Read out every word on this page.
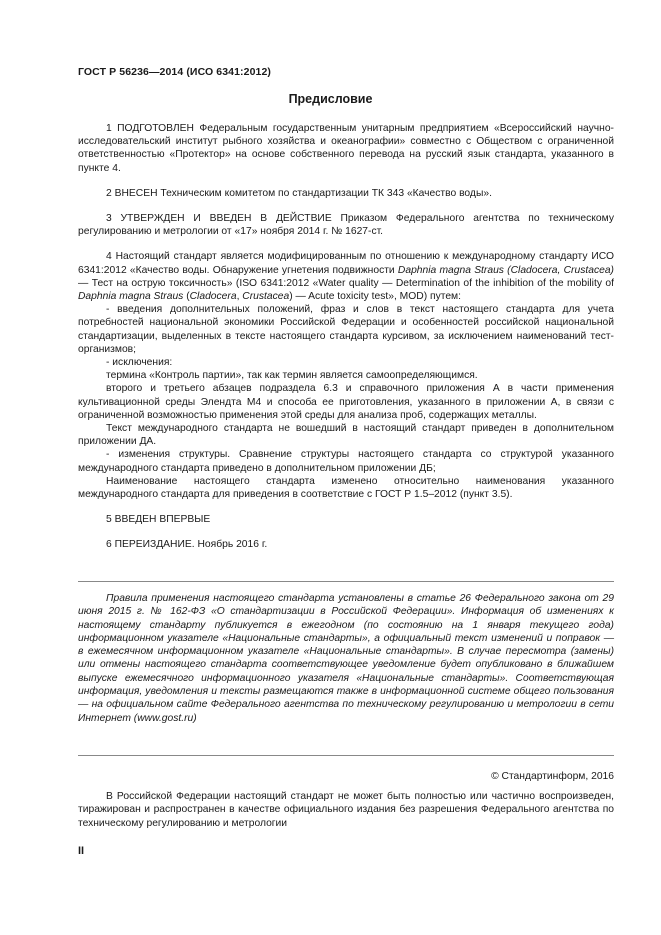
ГОСТ Р 56236—2014 (ИСО 6341:2012)
Предисловие

1 ПОДГОТОВЛЕН Федеральным государственным унитарным предприятием «Всероссийский научно-исследовательский институт рыбного хозяйства и океанографии» совместно с Обществом с ограниченной ответственностью «Протектор» на основе собственного перевода на русский язык стандарта, указанного в пункте 4.

2 ВНЕСЕН Техническим комитетом по стандартизации ТК 343 «Качество воды».

3 УТВЕРЖДЕН И ВВЕДЕН В ДЕЙСТВИЕ Приказом Федерального агентства по техническому регулированию и метрологии от «17» ноября 2014 г. № 1627-ст.

4 Настоящий стандарт является модифицированным по отношению к международному стандарту ИСО 6341:2012 «Качество воды. Обнаружение угнетения подвижности Daphnia magna Straus (Cladocera, Crustacea) — Тест на острую токсичность» (ISO 6341:2012 «Water quality — Determination of the inhibition of the mobility of Daphnia magna Straus (Cladocera, Crustacea) — Acute toxicity test», MOD) путем:

- введения дополнительных положений, фраз и слов в текст настоящего стандарта для учета потребностей национальной экономики Российской Федерации и особенностей российской национальной стандартизации, выделенных в тексте настоящего стандарта курсивом, за исключением наименований тест-организмов;

- исключения:

термина «Контроль партии», так как термин является самоопределяющимся.

второго и третьего абзацев подраздела 6.3 и справочного приложения А в части применения культивационной среды Элендта М4 и способа ее приготовления, указанного в приложении А, в связи с ограниченной возможностью применения этой среды для анализа проб, содержащих металлы.

Текст международного стандарта не вошедший в настоящий стандарт приведен в дополнительном приложении ДА.

- изменения структуры. Сравнение структуры настоящего стандарта со структурой указанного международного стандарта приведено в дополнительном приложении ДБ;

Наименование настоящего стандарта изменено относительно наименования указанного международного стандарта для приведения в соответствие с ГОСТ Р 1.5–2012 (пункт 3.5).

5 ВВЕДЕН ВПЕРВЫЕ

6 ПЕРЕИЗДАНИЕ. Ноябрь 2016 г.

Правила применения настоящего стандарта установлены в статье 26 Федерального закона от 29 июня 2015 г. № 162-ФЗ «О стандартизации в Российской Федерации». Информация об изменениях к настоящему стандарту публикуется в ежегодном (по состоянию на 1 января текущего года) информационном указателе «Национальные стандарты», а официальный текст изменений и поправок — в ежемесячном информационном указателе «Национальные стандарты». В случае пересмотра (замены) или отмены настоящего стандарта соответствующее уведомление будет опубликовано в ближайшем выпуске ежемесячного информационного указателя «Национальные стандарты». Соответствующая информация, уведомления и тексты размещаются также в информационной системе общего пользования — на официальном сайте Федерального агентства по техническому регулированию и метрологии в сети Интернет (www.gost.ru)

© Стандартинформ, 2016
В Российской Федерации настоящий стандарт не может быть полностью или частично воспроизведен, тиражирован и распространен в качестве официального издания без разрешения Федерального агентства по техническому регулированию и метрологии
II
